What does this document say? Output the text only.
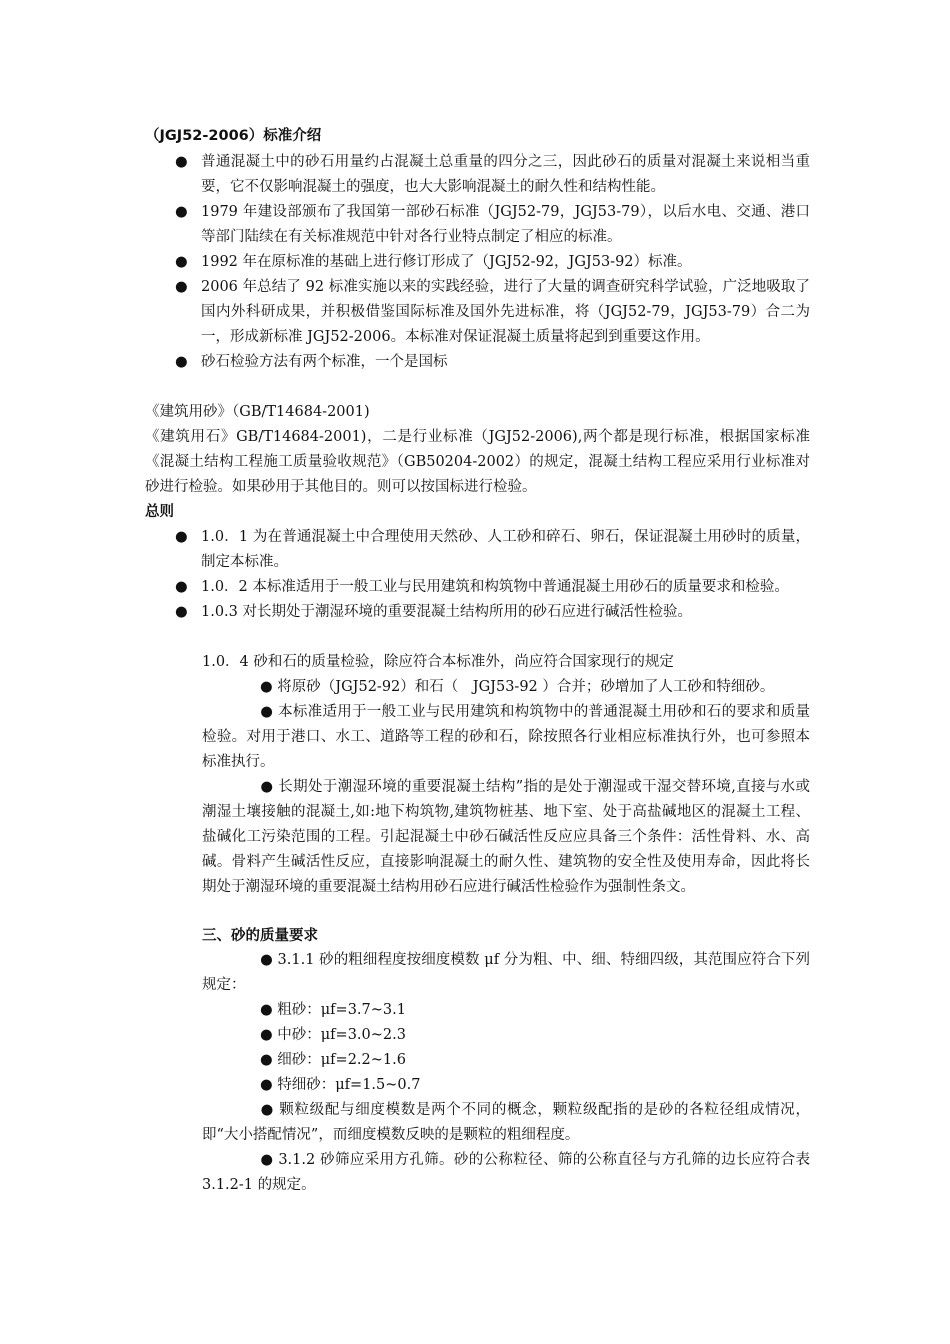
（JGJ52-2006）标准介绍
● 普通混凝土中的砂石用量约占混凝土总重量的四分之三，因此砂石的质量对混凝土来说相当重要，它不仅影响混凝土的强度，也大大影响混凝土的耐久性和结构性能。
● 1979 年建设部颁布了我国第一部砂石标准（JGJ52-79，JGJ53-79），以后水电、交通、港口等部门陆续在有关标准规范中针对各行业特点制定了相应的标准。
● 1992 年在原标准的基础上进行修订形成了（JGJ52-92，JGJ53-92）标准。
● 2006 年总结了 92 标准实施以来的实践经验，进行了大量的调查研究科学试验，广泛地吸取了国内外科研成果，并积极借鉴国际标准及国外先进标准，将（JGJ52-79，JGJ53-79）合二为一，形成新标准 JGJ52-2006。本标准对保证混凝土质量将起到到重要这作用。
● 砂石检验方法有两个标准，一个是国标
《建筑用砂》（GB/T14684-2001)
《建筑用石》GB/T14684-2001)，二是行业标准（JGJ52-2006),两个都是现行标准，根据国家标准《混凝土结构工程施工质量验收规范》（GB50204-2002）的规定，混凝土结构工程应采用行业标准对砂进行检验。如果砂用于其他目的。则可以按国标进行检验。
总则
● 1.0．1 为在普通混凝土中合理使用天然砂、人工砂和碎石、卵石，保证混凝土用砂时的质量，制定本标准。
● 1.0．2 本标准适用于一般工业与民用建筑和构筑物中普通混凝土用砂石的质量要求和检验。
● 1.0.3 对长期处于潮湿环境的重要混凝土结构所用的砂石应进行碱活性检验。
1.0．4 砂和石的质量检验，除应符合本标准外，尚应符合国家现行的规定
● 将原砂（JGJ52-92）和石（　JGJ53-92 ）合并；砂增加了人工砂和特细砂。
● 本标准适用于一般工业与民用建筑和构筑物中的普通混凝土用砂和石的要求和质量检验。对用于港口、水工、道路等工程的砂和石，除按照各行业相应标准执行外，也可参照本标准执行。
● 长期处于潮湿环境的重要混凝土结构”指的是处于潮湿或干湿交替环境,直接与水或潮湿土壤接触的混凝土,如:地下构筑物,建筑物桩基、地下室、处于高盐碱地区的混凝土工程、盐碱化工污染范围的工程。引起混凝土中砂石碱活性反应应具备三个条件：活性骨料、水、高碱。骨料产生碱活性反应，直接影响混凝土的耐久性、建筑物的安全性及使用寿命，因此将长期处于潮湿环境的重要混凝土结构用砂石应进行碱活性检验作为强制性条文。
三、砂的质量要求
● 3.1.1 砂的粗细程度按细度模数 μf 分为粗、中、细、特细四级，其范围应符合下列规定：
● 粗砂：μf=3.7~3.1
● 中砂：μf=3.0~2.3
● 细砂：μf=2.2~1.6
● 特细砂：μf=1.5~0.7
● 颗粒级配与细度模数是两个不同的概念，颗粒级配指的是砂的各粒径组成情况，即“大小搭配情况”，而细度模数反映的是颗粒的粗细程度。
● 3.1.2 砂筛应采用方孔筛。砂的公称粒径、筛的公称直径与方孔筛的边长应符合表 3.1.2-1 的规定。
